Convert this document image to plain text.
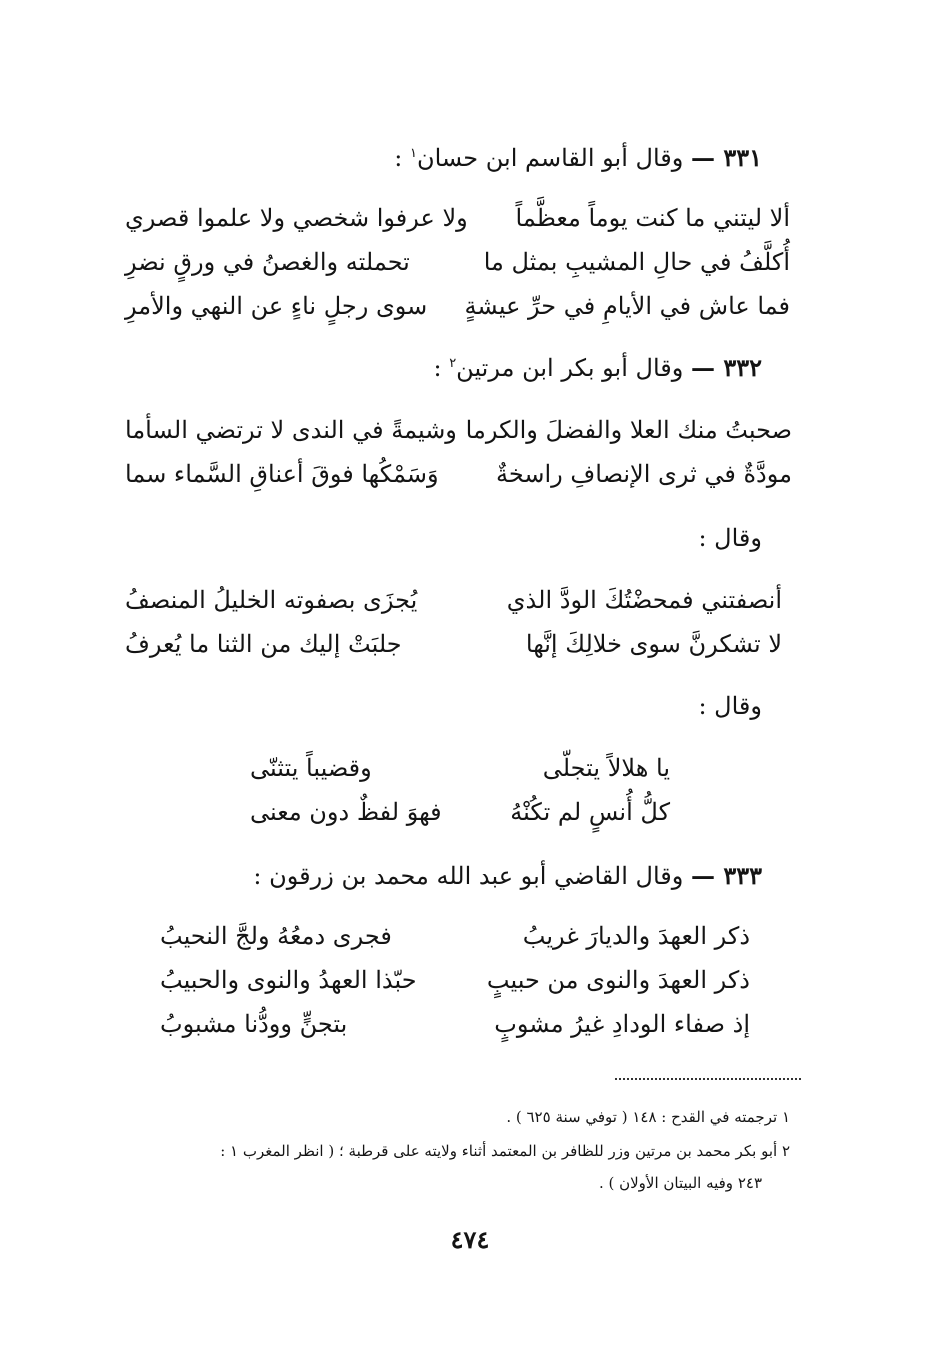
٣٣١ — وقال أبو القاسم ابن حسان$^١$ :
ألا ليتني ما كنت يوماً معظَّماً
ولا عرفوا شخصي ولا علموا قصري
أُكلَّفُ في حالِ المشيبِ بمثل ما
تحملته والغصنُ في ورقٍ نضرِ
فما عاش في الأيامِ في حرِّ عيشةٍ
سوى رجلٍ ناءٍ عن النهي والأمرِ
٣٣٢ — وقال أبو بكر ابن مرتين$^٢$ :
صحبتُ منك العلا والفضلَ والكرما
وشيمةً في الندى لا ترتضي السأما
مودَّةٌ في ثرى الإنصافِ راسخةٌ
وَسَمْكُها فوقَ أعناقِ السَّماء سما
وقال :
أنصفتني فمحضْتُكَ الودَّ الذي
يُجزَى بصفوته الخليلُ المنصفُ
لا تشكرنَّ سوى خلالِكَ إنَّها
جلبَتْ إليك من الثنا ما يُعرفُ
وقال :
يا هلالاً يتجلّى
وقضيباً يتثنّى
كلُّ أُنسٍ لم تكُنْهُ
فهوَ لفظٌ دون معنى
٣٣٣ — وقال القاضي أبو عبد الله محمد بن زرقون :
ذكر العهدَ والديارَ غريبُ
فجرى دمعُهُ ولجَّ النحيبُ
ذكر العهدَ والنوى من حبيبٍ
حبّذا العهدُ والنوى والحبيبُ
إذ صفاء الودادِ غيرُ مشوبٍ
بتجنٍّ وودُّنا مشبوبُ
١ ترجمته في القدح : ١٤٨ ( توفي سنة ٦٢٥ ) .
٢ أبو بكر محمد بن مرتين وزر للظافر بن المعتمد أثناء ولايته على قرطبة ؛ ( انظر المغرب ١ :
٢٤٣ وفيه البيتان الأولان ) .
٤٧٤
